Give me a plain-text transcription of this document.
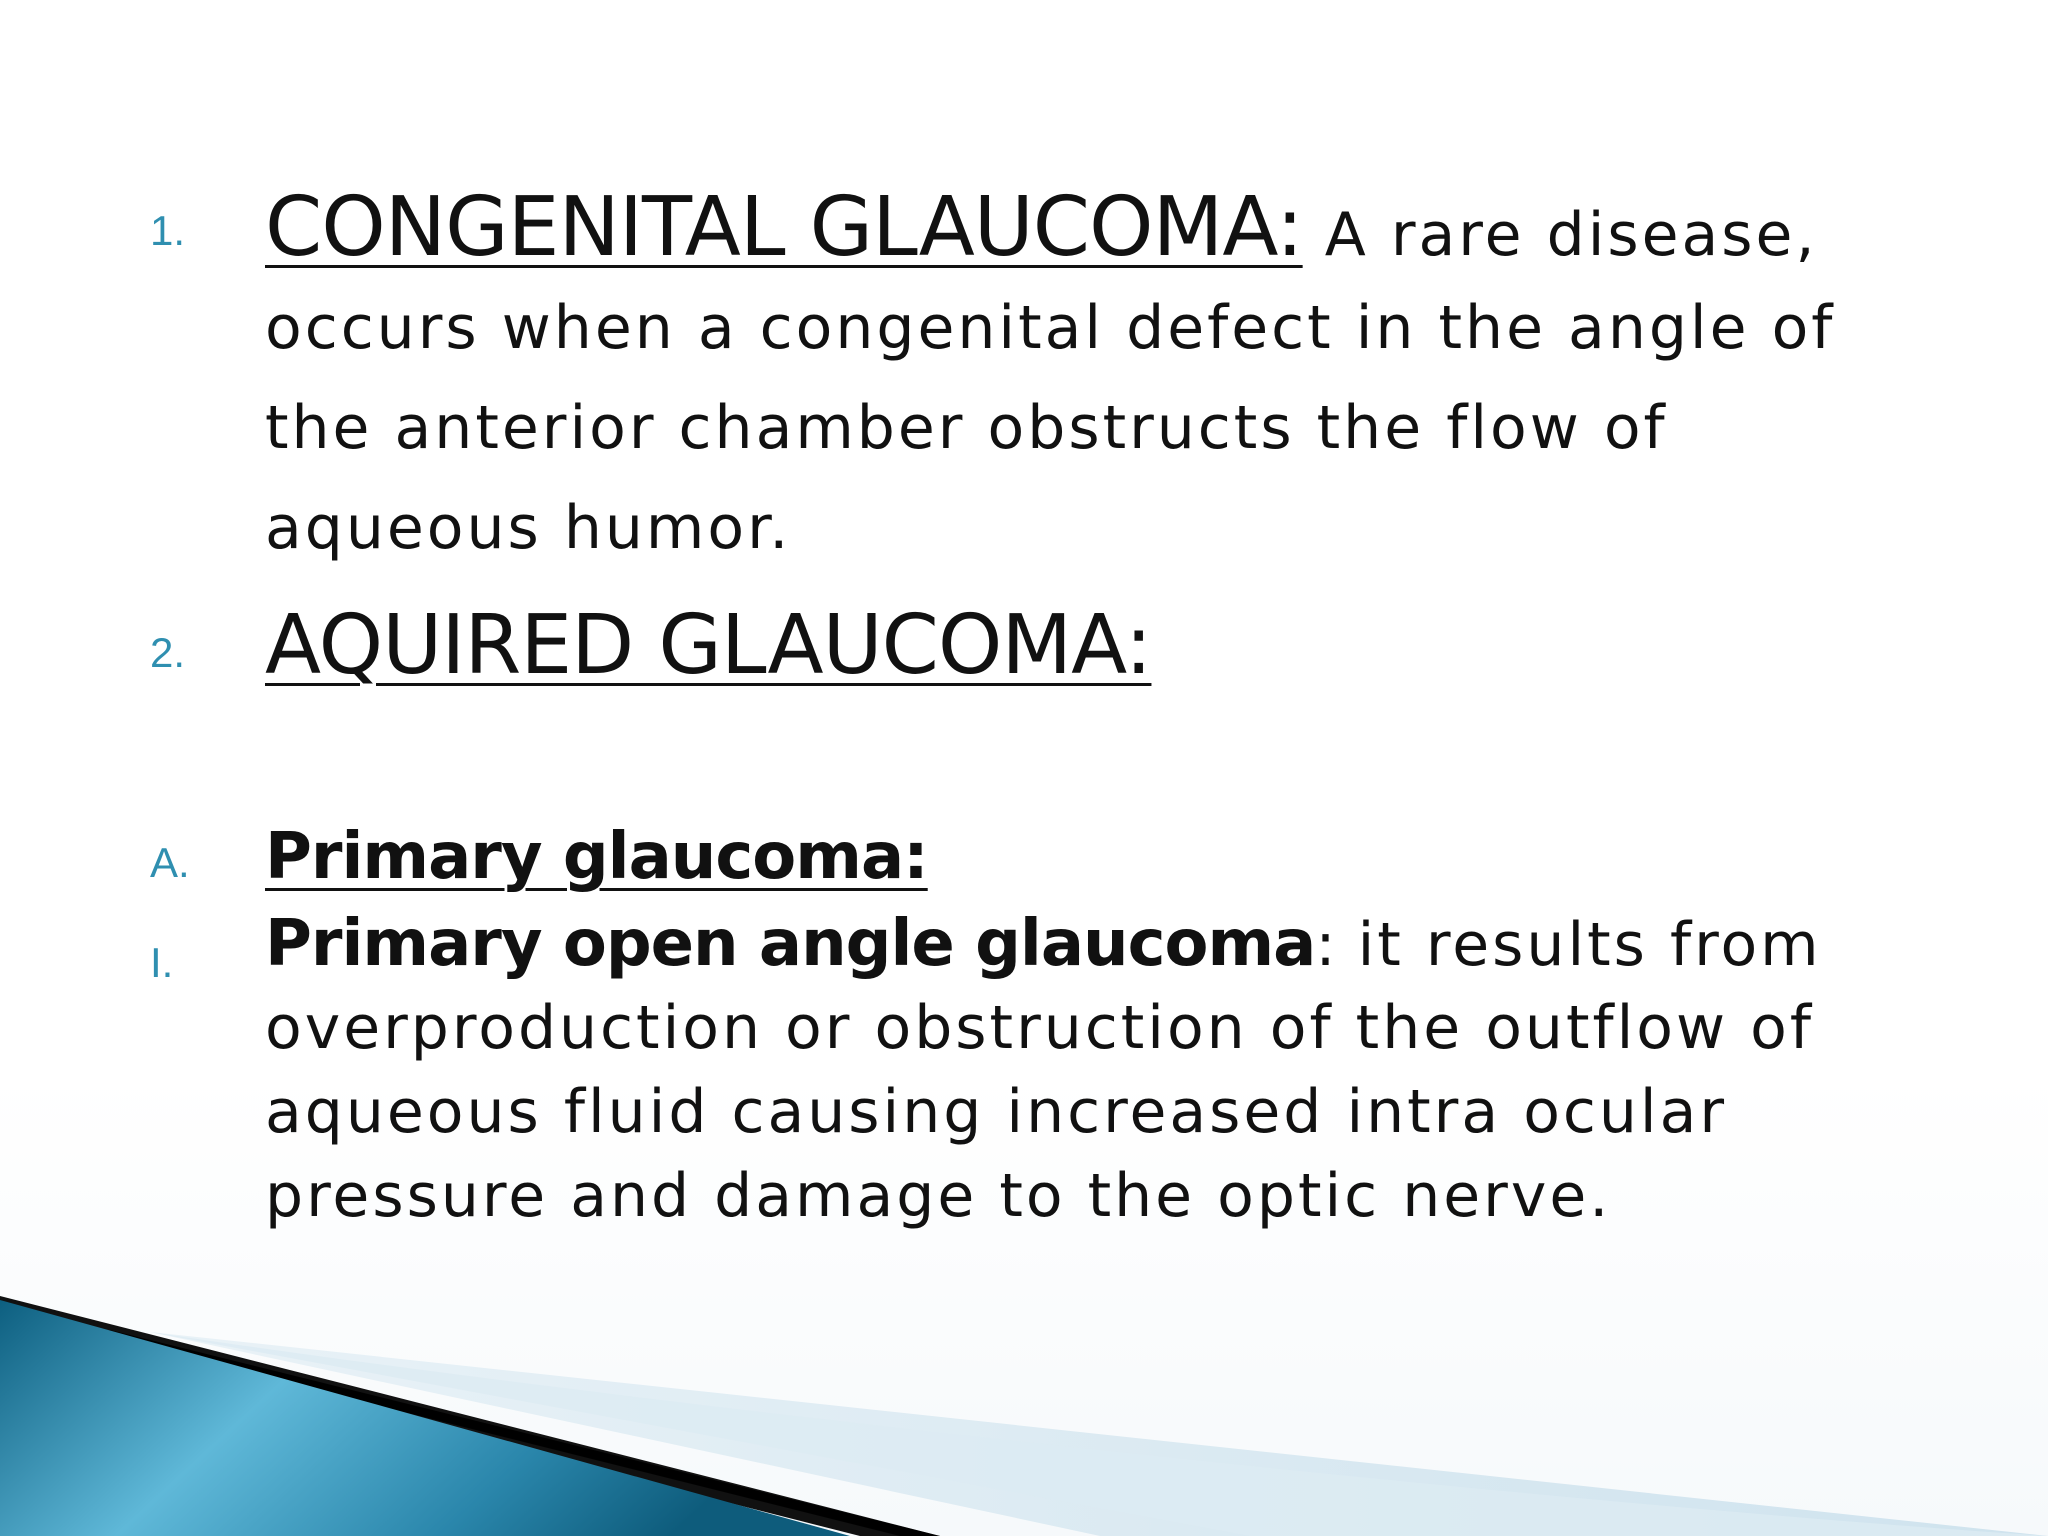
1. CONGENITAL GLAUCOMA: A rare disease,
occurs when a congenital defect in the angle of
the anterior chamber obstructs the flow of
aqueous humor.
2. AQUIRED GLAUCOMA:
A. Primary glaucoma:
I. Primary open angle glaucoma: it results from
overproduction or obstruction of the outflow of
aqueous fluid causing increased intra ocular
pressure and damage to the optic nerve.
